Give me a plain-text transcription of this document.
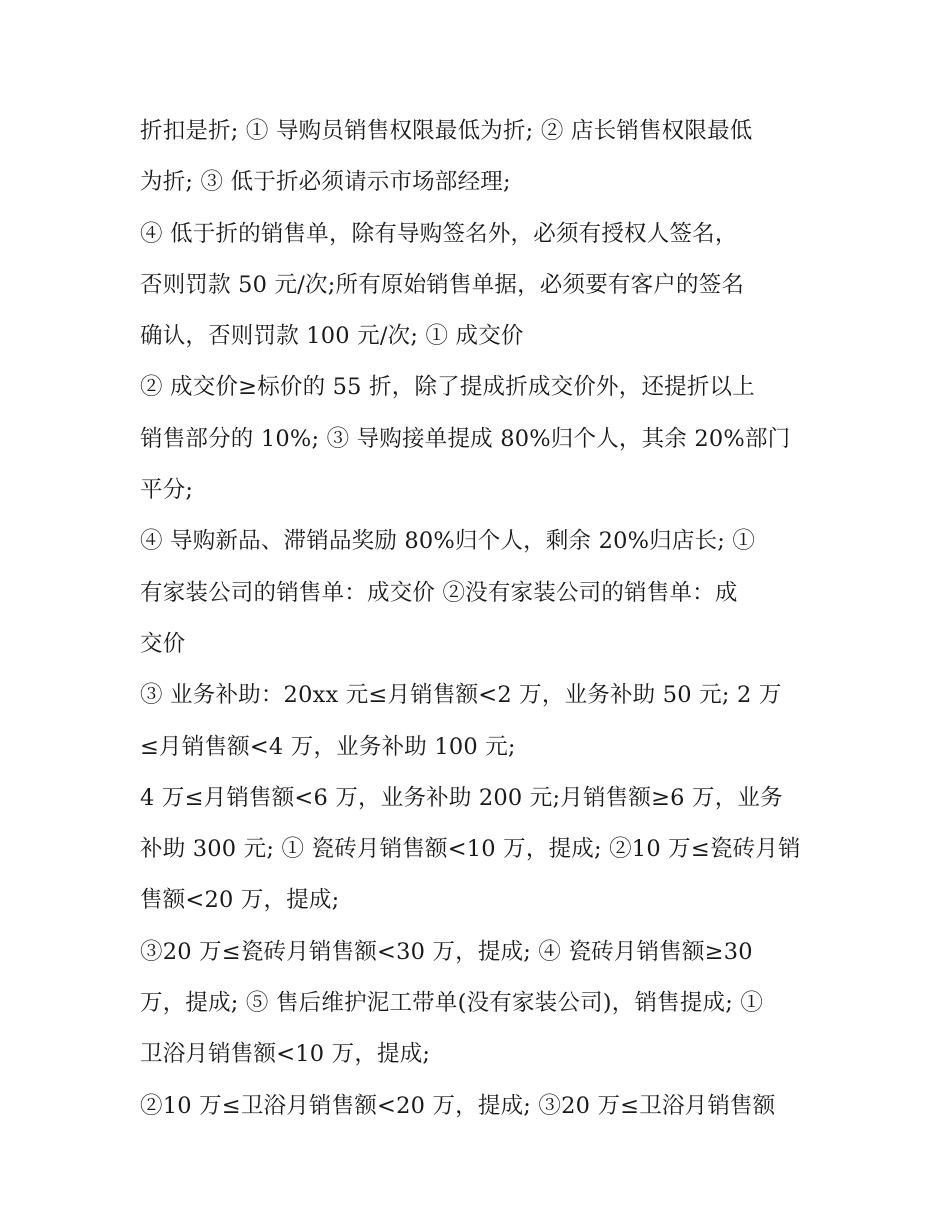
折扣是折; ① 导购员销售权限最低为折; ② 店长销售权限最低
为折; ③ 低于折必须请示市场部经理;
④ 低于折的销售单，除有导购签名外，必须有授权人签名，
否则罚款 50 元/次;所有原始销售单据，必须要有客户的签名
确认，否则罚款 100 元/次; ① 成交价
② 成交价≥标价的 55 折，除了提成折成交价外，还提折以上
销售部分的 10%; ③ 导购接单提成 80%归个人，其余 20%部门
平分;
④ 导购新品、滞销品奖励 80%归个人，剩余 20%归店长; ①
有家装公司的销售单：成交价 ②没有家装公司的销售单：成
交价
③ 业务补助：20xx 元≤月销售额<2 万，业务补助 50 元; 2 万
≤月销售额<4 万，业务补助 100 元;
4 万≤月销售额<6 万，业务补助 200 元;月销售额≥6 万，业务
补助 300 元; ① 瓷砖月销售额<10 万，提成; ②10 万≤瓷砖月销
售额<20 万，提成;
③20 万≤瓷砖月销售额<30 万，提成; ④ 瓷砖月销售额≥30
万，提成; ⑤ 售后维护泥工带单(没有家装公司)，销售提成; ①
卫浴月销售额<10 万，提成;
②10 万≤卫浴月销售额<20 万，提成; ③20 万≤卫浴月销售额
